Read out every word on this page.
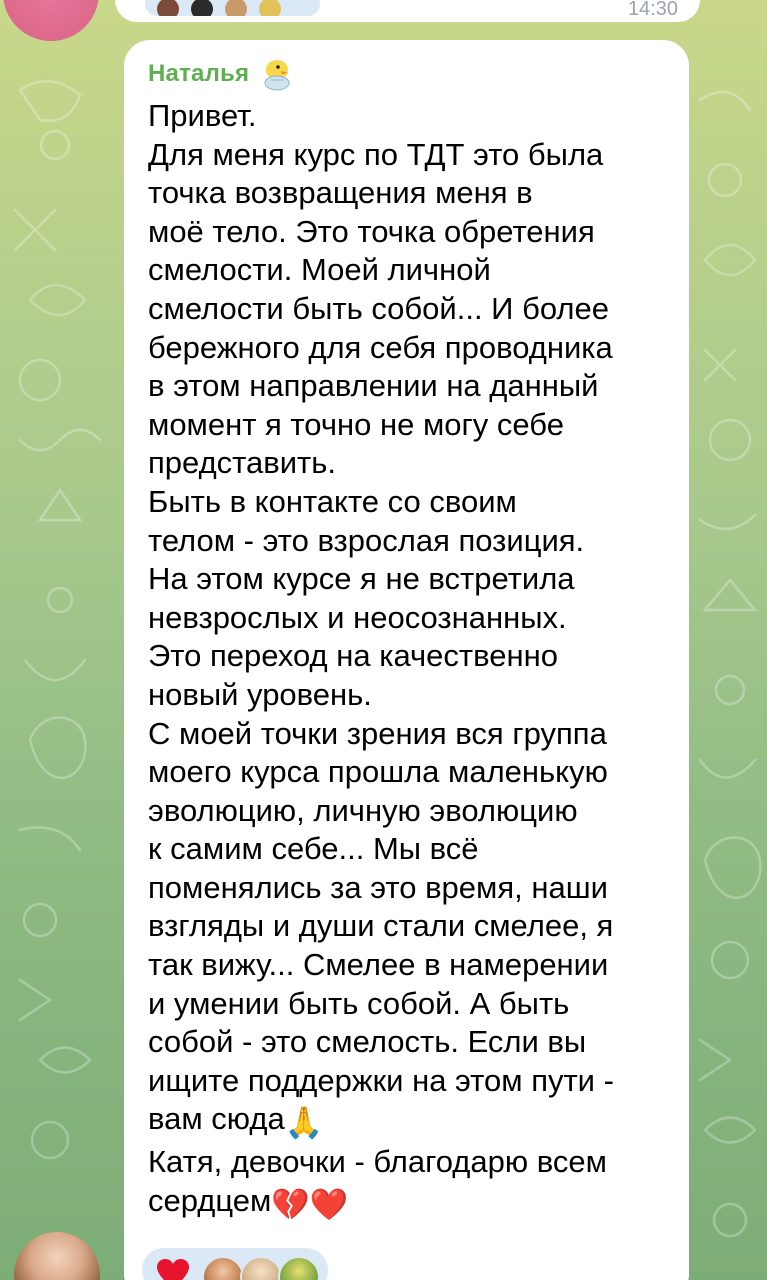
14:30
Наталья
Привет.
Для меня курс по ТДТ это была
точка возвращения меня в
моё тело. Это точка обретения
смелости. Моей личной
смелости быть собой... И более
бережного для себя проводника
в этом направлении на данный
момент я точно не могу себе
представить.
Быть в контакте со своим
телом - это взрослая позиция.
На этом курсе я не встретила
невзрослых и неосознанных.
Это переход на качественно
новый уровень.
С моей точки зрения вся группа
моего курса прошла маленькую
эволюцию, личную эволюцию
к самим себе... Мы всё
поменялись за это время, наши
взгляды и души стали смелее, я
так вижу... Смелее в намерении
и умении быть собой. А быть
собой - это смелость. Если вы
ищите поддержки на этом пути -
вам сюда🙏
Катя, девочки - благодарю всем
сердцем💔❤️
